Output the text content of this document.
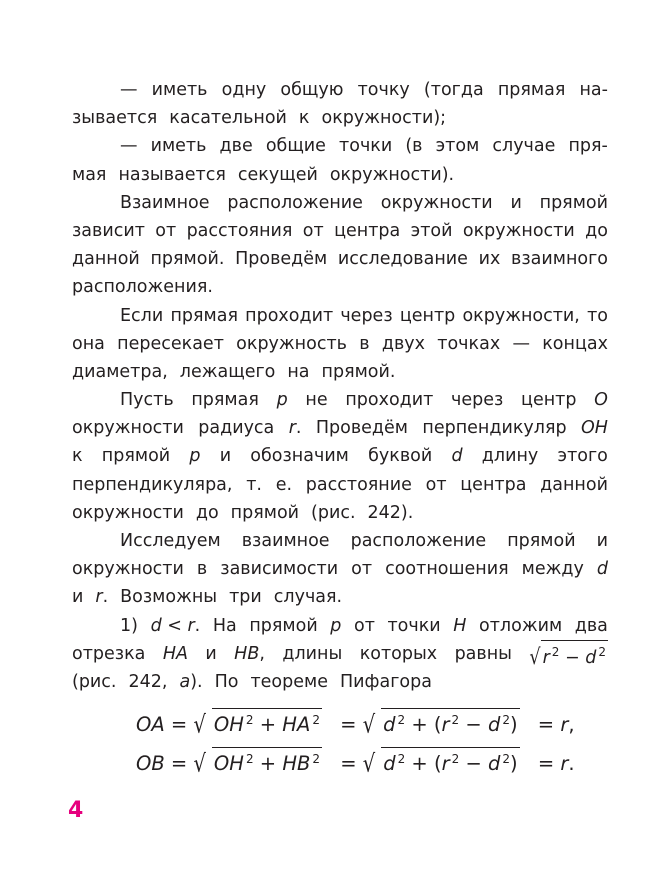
— иметь одну общую точку (тогда прямая на-
зывается касательной к окружности);
— иметь две общие точки (в этом случае пря-
мая называется секущей окружности).
Взаимное расположение окружности и прямой
зависит от расстояния от центра этой окружности до
данной прямой. Проведём исследование их взаимного
расположения.
Если прямая проходит через центр окружности, то
она пересекает окружность в двух точках — концах
диаметра, лежащего на прямой.
Пусть прямая p не проходит через центр O
окружности радиуса r. Проведём перпендикуляр OH
к прямой p и обозначим буквой d длину этого
перпендикуляра, т. е. расстояние от центра данной
окружности до прямой (рис. 242).
Исследуем взаимное расположение прямой и
окружности в зависимости от соотношения между d
и r. Возможны три случая.
1) d < r. На прямой p от точки H отложим два
отрезка HA и HB, длины которых равны √ r $^2$ − d $^2$
(рис. 242, a). По теореме Пифагора
OA = √ OH $^2$ + HA $^2$ = √ d $^2$ + (r $^2$ − d $^2$) = r,
OB = √ OH $^2$ + HB $^2$ = √ d $^2$ + (r $^2$ − d $^2$) = r.
4
